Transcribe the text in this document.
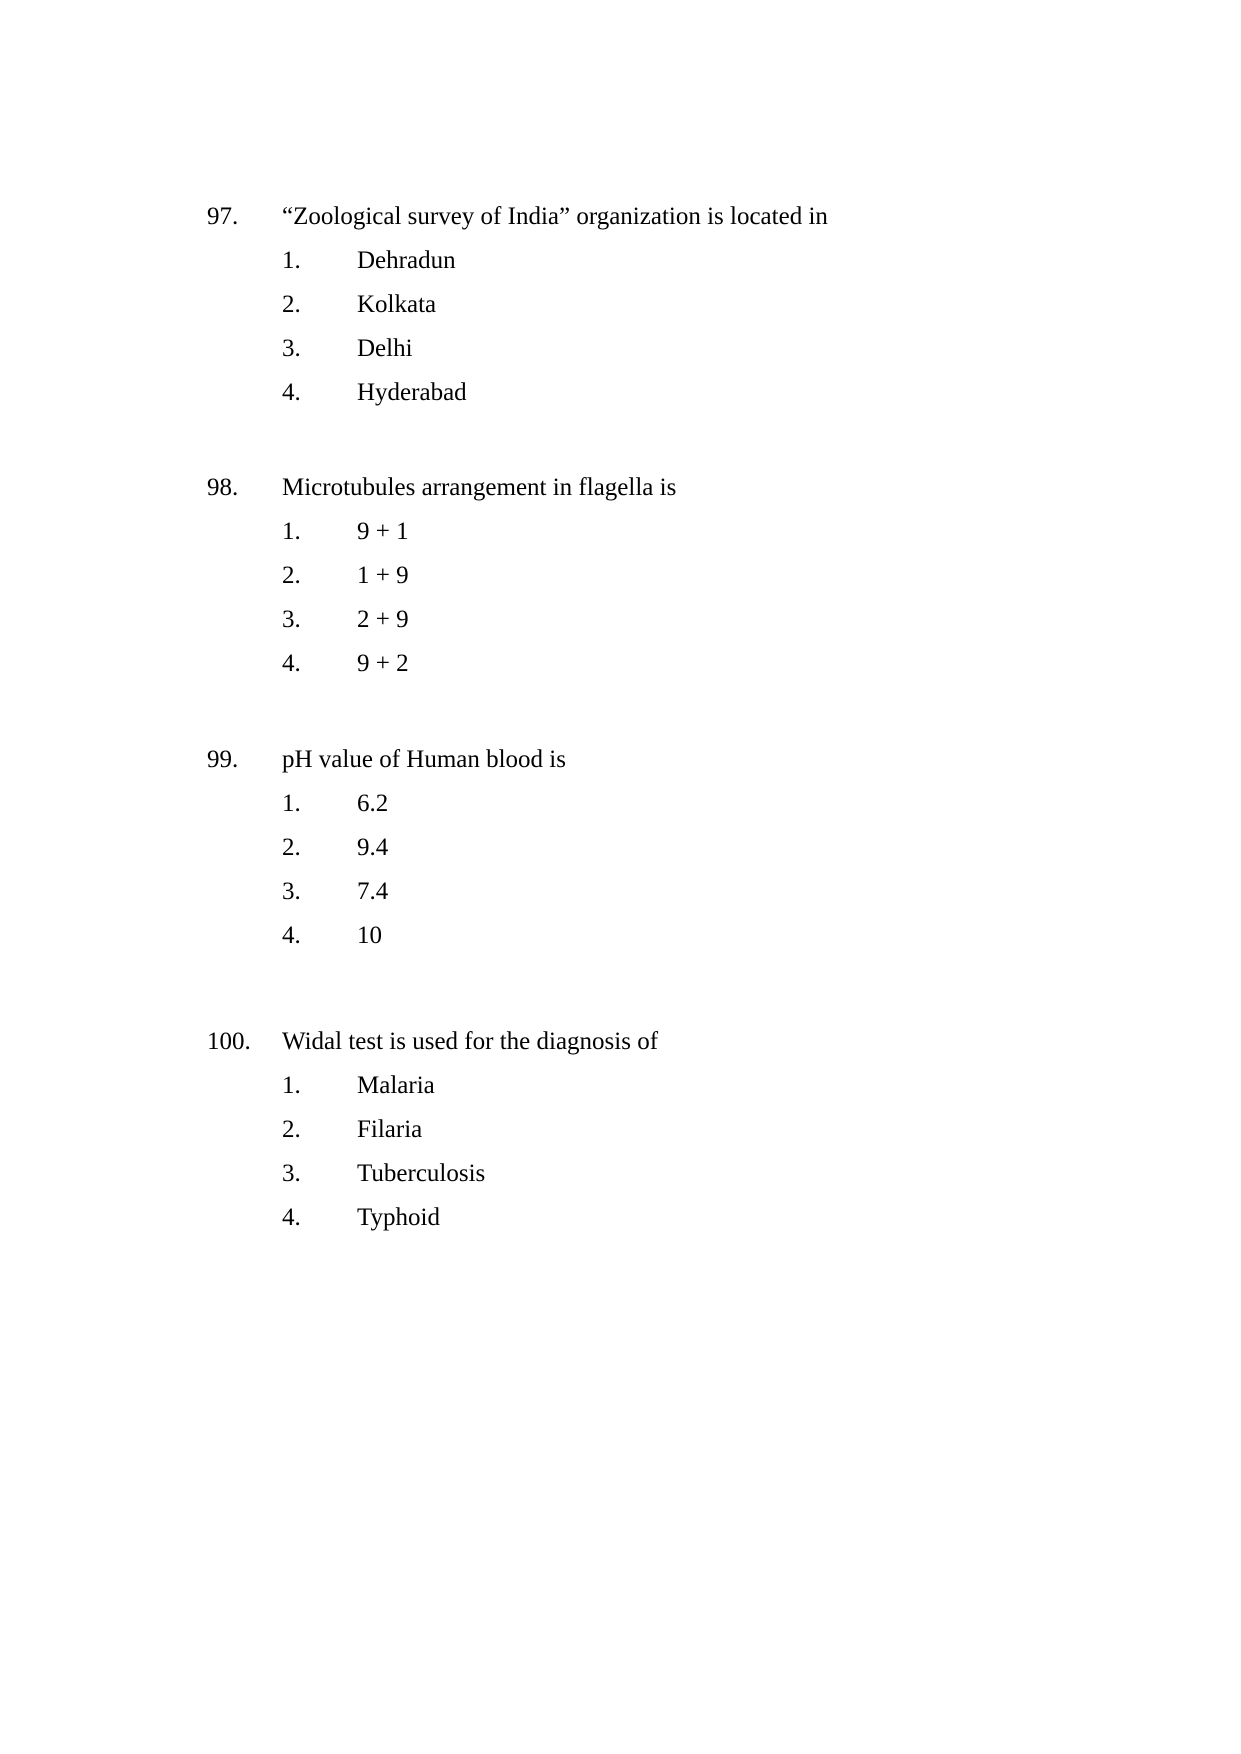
97. “Zoological survey of India” organization is located in
1. Dehradun
2. Kolkata
3. Delhi
4. Hyderabad
98. Microtubules arrangement in flagella is
1. 9 + 1
2. 1 + 9
3. 2 + 9
4. 9 + 2
99. pH value of Human blood is
1. 6.2
2. 9.4
3. 7.4
4. 10
100. Widal test is used for the diagnosis of
1. Malaria
2. Filaria
3. Tuberculosis
4. Typhoid
